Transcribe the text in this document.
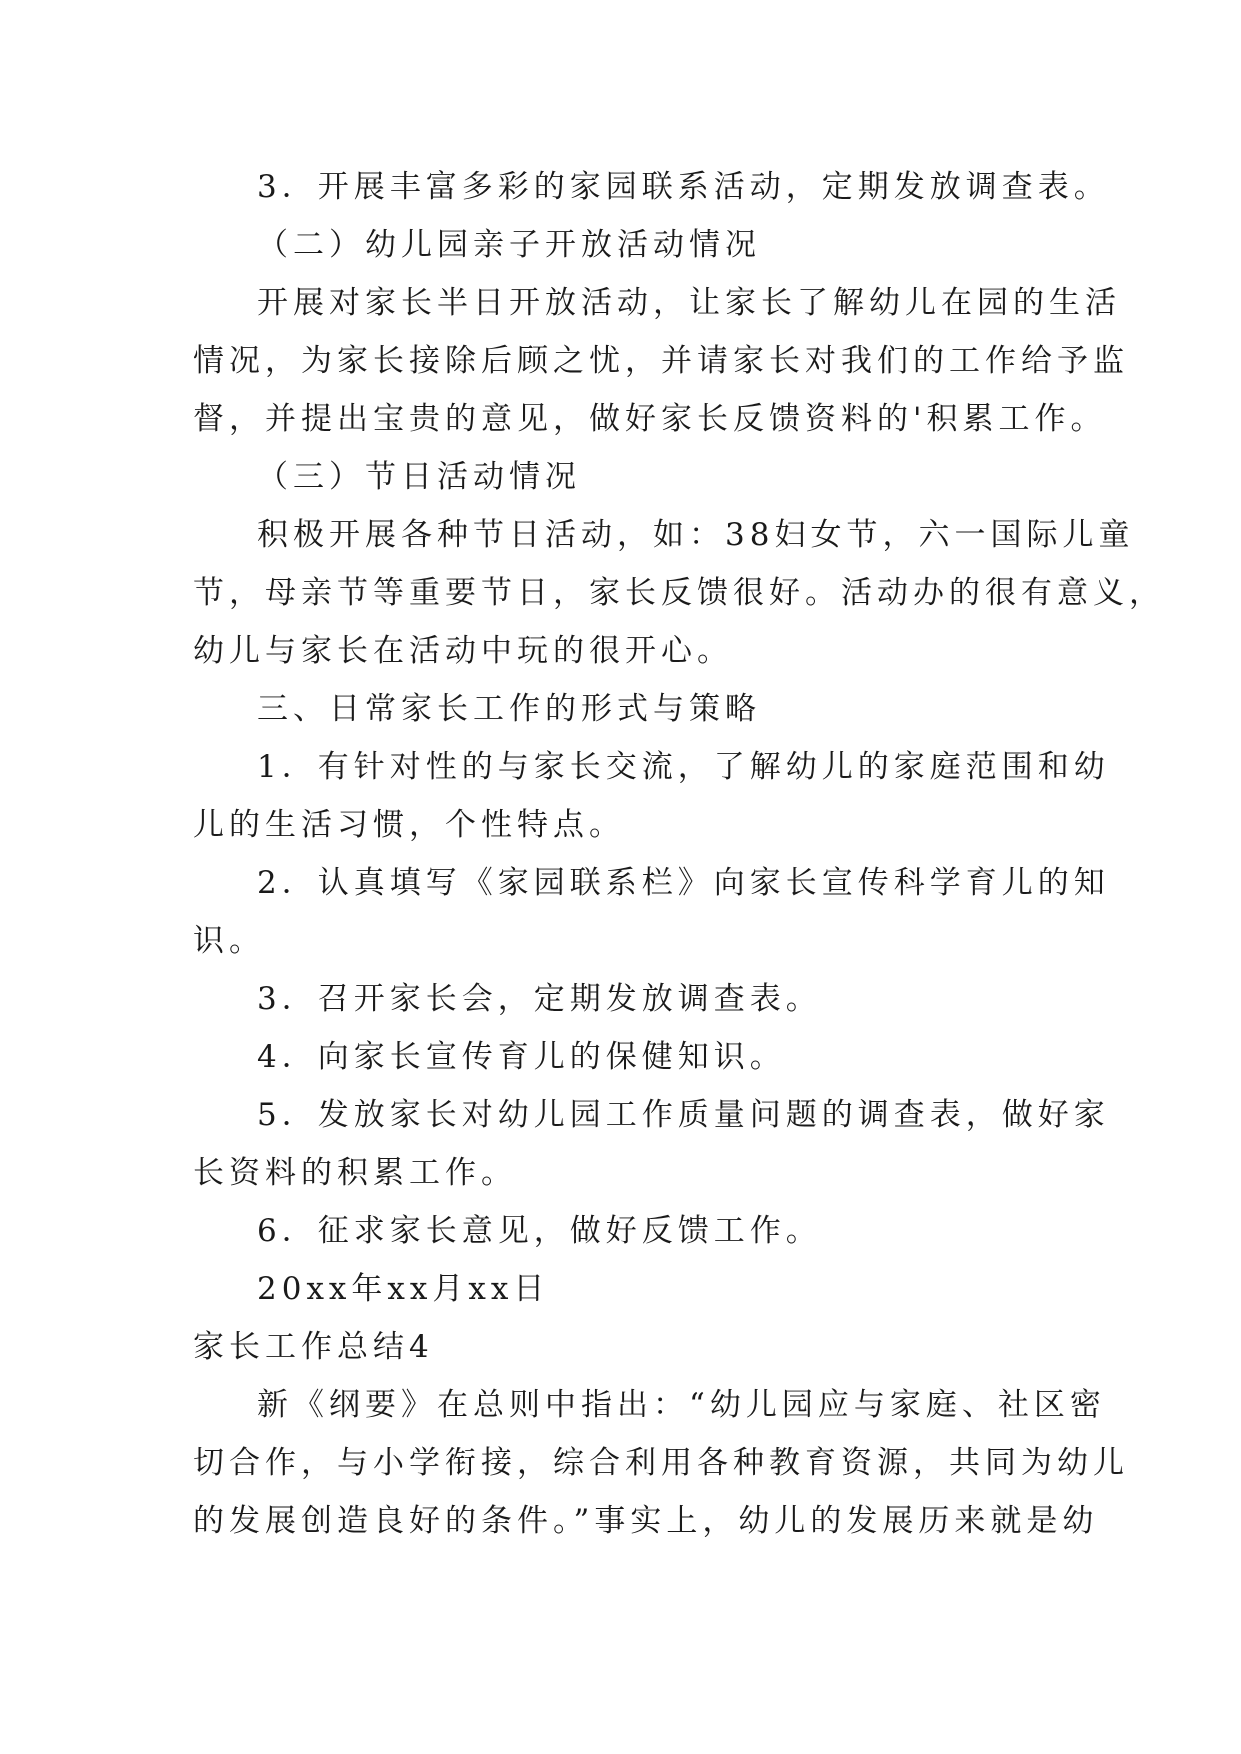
3．开展丰富多彩的家园联系活动，定期发放调查表。
（二）幼儿园亲子开放活动情况
开展对家长半日开放活动，让家长了解幼儿在园的生活
情况，为家长接除后顾之忧，并请家长对我们的工作给予监
督，并提出宝贵的意见，做好家长反馈资料的'积累工作。
（三）节日活动情况
积极开展各种节日活动，如：38妇女节，六一国际儿童
节，母亲节等重要节日，家长反馈很好。活动办的很有意义，
幼儿与家长在活动中玩的很开心。
三、日常家长工作的形式与策略
1．有针对性的与家长交流，了解幼儿的家庭范围和幼
儿的生活习惯，个性特点。
2．认真填写《家园联系栏》向家长宣传科学育儿的知
识。
3．召开家长会，定期发放调查表。
4．向家长宣传育儿的保健知识。
5．发放家长对幼儿园工作质量问题的调查表，做好家
长资料的积累工作。
6．征求家长意见，做好反馈工作。
20xx年xx月xx日
家长工作总结4
新《纲要》在总则中指出：“幼儿园应与家庭、社区密
切合作，与小学衔接，综合利用各种教育资源，共同为幼儿
的发展创造良好的条件。”事实上，幼儿的发展历来就是幼
